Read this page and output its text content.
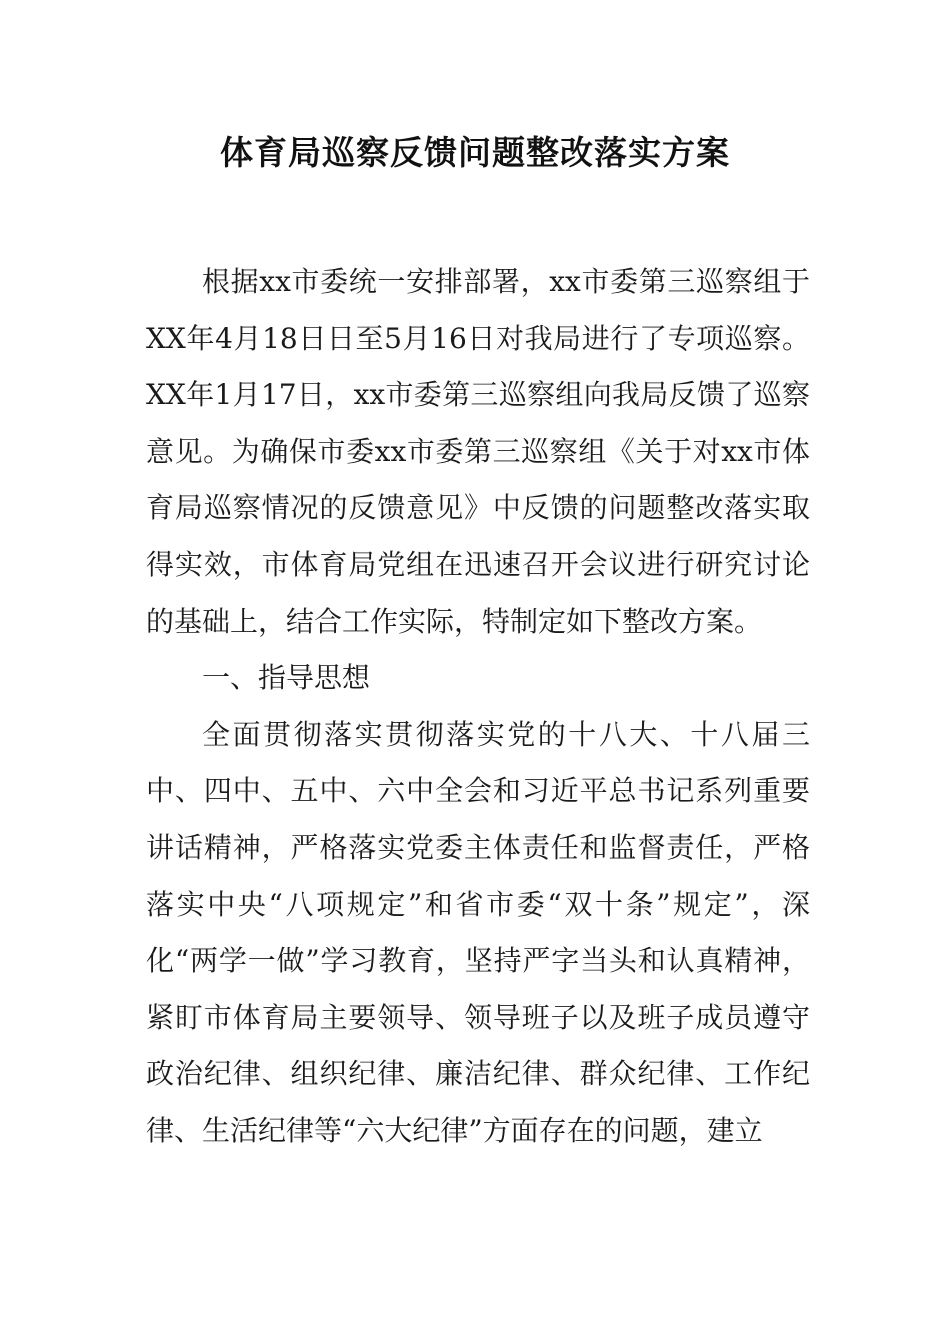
体育局巡察反馈问题整改落实方案

根据xx市委统一安排部署，xx市委第三巡察组于XX年4月18日日至5月16日对我局进行了专项巡察。XX年1月17日，xx市委第三巡察组向我局反馈了巡察意见。为确保市委xx市委第三巡察组《关于对xx市体育局巡察情况的反馈意见》中反馈的问题整改落实取得实效，市体育局党组在迅速召开会议进行研究讨论的基础上，结合工作实际，特制定如下整改方案。

一、指导思想

全面贯彻落实贯彻落实党的十八大、十八届三中、四中、五中、六中全会和习近平总书记系列重要讲话精神，严格落实党委主体责任和监督责任，严格落实中央“八项规定”和省市委“双十条”规定”，深化“两学一做”学习教育，坚持严字当头和认真精神，紧盯市体育局主要领导、领导班子以及班子成员遵守政治纪律、组织纪律、廉洁纪律、群众纪律、工作纪律、生活纪律等“六大纪律”方面存在的问题，建立
